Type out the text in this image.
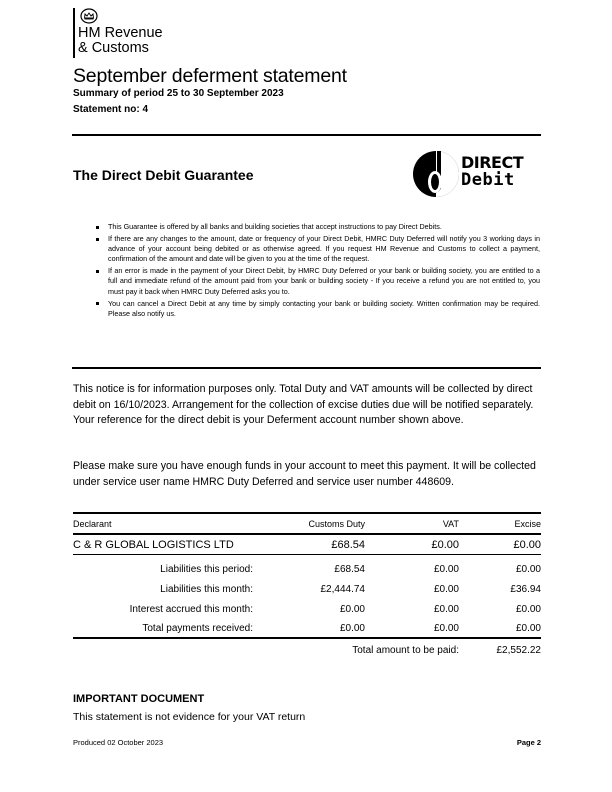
HM Revenue
& Customs
September deferment statement
Summary of period 25 to 30 September 2023
Statement no: 4
The Direct Debit Guarantee
DIRECT
Debit
This Guarantee is offered by all banks and building societies that accept instructions to pay Direct Debits.
If there are any changes to the amount, date or frequency of your Direct Debit, HMRC Duty Deferred will notify you 3 working days in advance of your account being debited or as otherwise agreed. If you request HM Revenue and Customs to collect a payment, confirmation of the amount and date will be given to you at the time of the request.
If an error is made in the payment of your Direct Debit, by HMRC Duty Deferred or your bank or building society, you are entitled to a full and immediate refund of the amount paid from your bank or building society - If you receive a refund you are not entitled to, you must pay it back when HMRC Duty Deferred asks you to.
You can cancel a Direct Debit at any time by simply contacting your bank or building society. Written confirmation may be required. Please also notify us.
This notice is for information purposes only. Total Duty and VAT amounts will be collected by direct debit on 16/10/2023. Arrangement for the collection of excise duties due will be notified separately. Your reference for the direct debit is your Deferment account number shown above.
Please make sure you have enough funds in your account to meet this payment. It will be collected under service user name HMRC Duty Deferred and service user number 448609.
Declarant	Customs Duty	VAT	Excise
C & R GLOBAL LOGISTICS LTD	£68.54	£0.00	£0.00
Liabilities this period:	£68.54	£0.00	£0.00
Liabilities this month:	£2,444.74	£0.00	£36.94
Interest accrued this month:	£0.00	£0.00	£0.00
Total payments received:	£0.00	£0.00	£0.00
Total amount to be paid:	£2,552.22
IMPORTANT DOCUMENT
This statement is not evidence for your VAT return
Produced 02 October 2023	Page 2
